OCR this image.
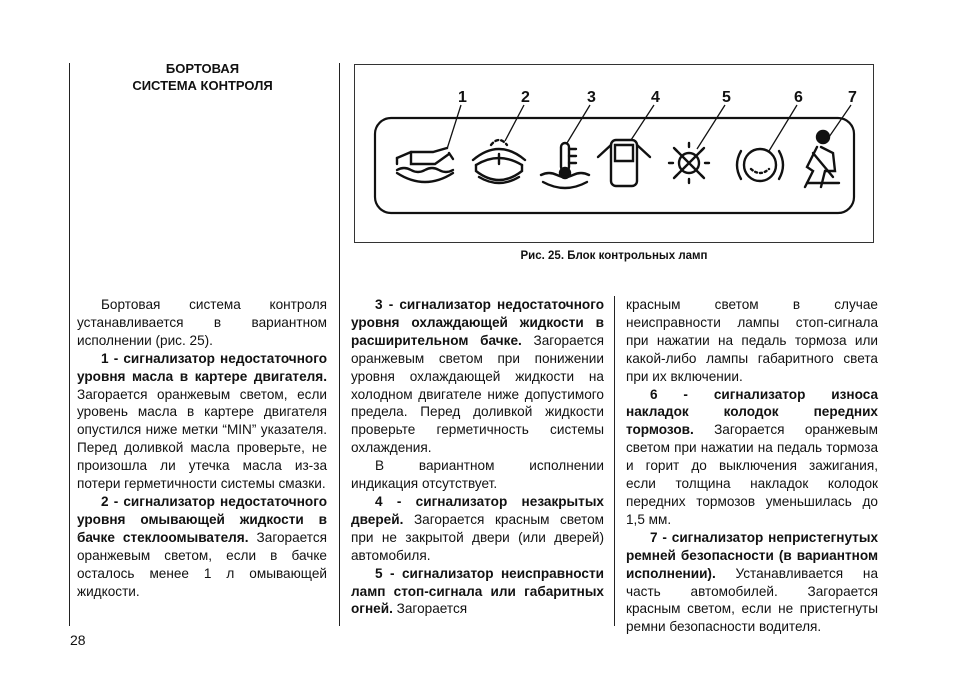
БОРТОВАЯ
СИСТЕМА КОНТРОЛЯ
1	2	3	4	5	6	7
Рис. 25. Блок контрольных ламп

Бортовая система контроля устанавливается в вариантном исполнении (рис. 25).

1 - сигнализатор недостаточного уровня масла в картере двигателя. Загорается оранжевым светом, если уровень масла в картере двигателя опустился ниже метки “MIN” указателя. Перед доливкой масла проверьте, не произошла ли утечка масла из-за потери герметичности системы смазки.

2 - сигнализатор недостаточного уровня омывающей жидкости в бачке стеклоомывателя. Загорается оранжевым светом, если в бачке осталось менее 1 л омывающей жидкости.

3 - сигнализатор недостаточного уровня охлаждающей жидкости в расширительном бачке. Загорается оранжевым светом при понижении уровня охлаждающей жидкости на холодном двигателе ниже допустимого предела. Перед доливкой жидкости проверьте герметичность системы охлаждения.

В вариантном исполнении индикация отсутствует.

4 - сигнализатор незакрытых дверей. Загорается красным светом при не закрытой двери (или дверей) автомобиля.

5 - сигнализатор неисправности ламп стоп-сигнала или габаритных огней. Загорается

красным светом в случае неисправности лампы стоп-сигнала при нажатии на педаль тормоза или какой-либо лампы габаритного света при их включении.

6 - сигнализатор износа накладок колодок передних тормозов. Загорается оранжевым светом при нажатии на педаль тормоза и горит до выключения зажигания, если толщина накладок колодок передних тормозов уменьшилась до 1,5 мм.

7 - сигнализатор непристегнутых ремней безопасности (в вариантном исполнении). Устанавливается на часть автомобилей. Загорается красным светом, если не пристегнуты ремни безопасности водителя.

28
